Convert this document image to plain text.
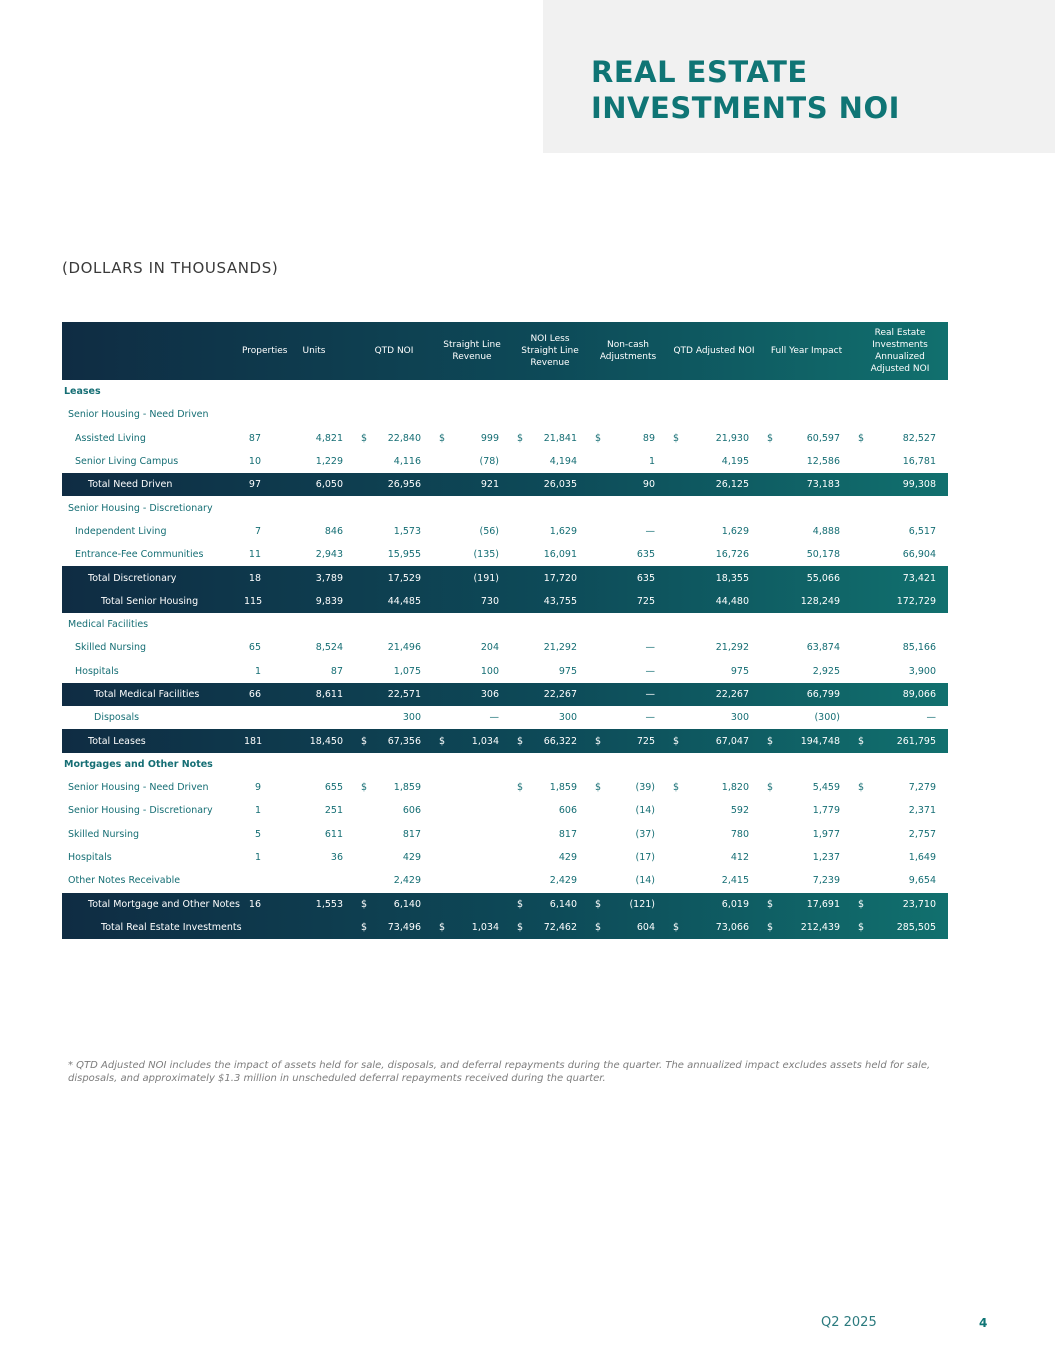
REAL ESTATE
INVESTMENTS NOI
(DOLLARS IN THOUSANDS)
	Properties	Units	QTD NOI	Straight Line Revenue	NOI Less Straight Line Revenue	Non-cash Adjustments	QTD Adjusted NOI	Full Year Impact	Real Estate Investments Annualized Adjusted NOI
Leases									
Senior Housing - Need Driven									
Assisted Living	87	4,821	$ 22,840	$ 999	$ 21,841	$ 89	$ 21,930	$ 60,597	$ 82,527

Senior Living Campus	10	1,229	4,116	(78)	4,194	1	4,195	12,586	16,781

Total Need Driven	97	6,050	26,956	921	26,035	90	26,125	73,183	99,308

Senior Housing - Discretionary									
Independent Living	7	846	1,573	(56)	1,629	—	1,629	4,888	6,517

Entrance-Fee Communities	11	2,943	15,955	(135)	16,091	635	16,726	50,178	66,904

Total Discretionary	18	3,789	17,529	(191)	17,720	635	18,355	55,066	73,421

Total Senior Housing	115	9,839	44,485	730	43,755	725	44,480	128,249	172,729

Medical Facilities									
Skilled Nursing	65	8,524	21,496	204	21,292	—	21,292	63,874	85,166

Hospitals	1	87	1,075	100	975	—	975	2,925	3,900

Total Medical Facilities	66	8,611	22,571	306	22,267	—	22,267	66,799	89,066

Disposals			300	—	300	—	300	(300)	—

Total Leases	181	18,450	$ 67,356	$ 1,034	$ 66,322	$ 725	$ 67,047	$ 194,748	$ 261,795

Mortgages and Other Notes									
Senior Housing - Need Driven	9	655	$ 1,859		$ 1,859	$ (39)	$ 1,820	$ 5,459	$ 7,279

Senior Housing - Discretionary	1	251	606		606	(14)	592	1,779	2,371

Skilled Nursing	5	611	817		817	(37)	780	1,977	2,757

Hospitals	1	36	429		429	(17)	412	1,237	1,649

Other Notes Receivable			2,429		2,429	(14)	2,415	7,239	9,654

Total Mortgage and Other Notes	16	1,553	$ 6,140		$ 6,140	$ (121)	6,019	$ 17,691	$ 23,710

Total Real Estate Investments			$ 73,496	$ 1,034	$ 72,462	$ 604	$ 73,066	$ 212,439	$ 285,505

* QTD Adjusted NOI includes the impact of assets held for sale, disposals, and deferral repayments during the quarter. The annualized impact excludes assets held for sale, disposals, and approximately $1.3 million in unscheduled deferral repayments received during the quarter.

Q2 2025	4
